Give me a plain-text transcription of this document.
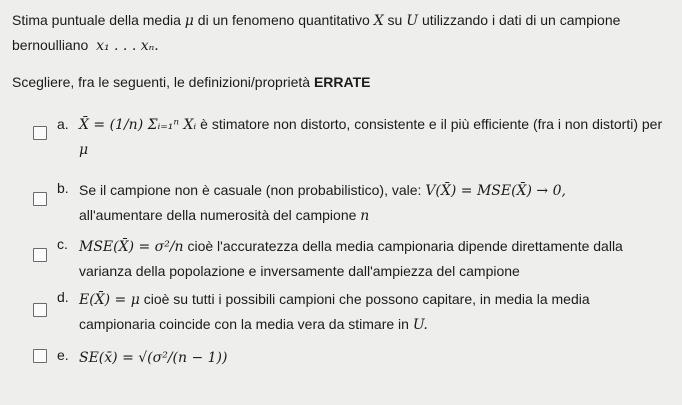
Stima puntuale della media μ di un fenomeno quantitativo X su U utilizzando i dati di un campione

bernoulliano x₁ . . . xₙ.

Scegliere, fra le seguenti, le definizioni/proprietà ERRATE

a. X̄ = (1/n) Σᵢ₌₁ⁿ Xᵢ è stimatore non distorto, consistente e il più efficiente (fra i non distorti) per
μ
b. Se il campione non è casuale (non probabilistico), vale: V(X̄) = MSE(X̄) → 0,
all'aumentare della numerosità del campione n
c. MSE(X̄) = σ²/n cioè l'accuratezza della media campionaria dipende direttamente dalla
varianza della popolazione e inversamente dall'ampiezza del campione
d. E(X̄) = μ cioè su tutti i possibili campioni che possono capitare, in media la media
campionaria coincide con la media vera da stimare in U.
e. SE(x̄) = √(σ²/(n − 1))
